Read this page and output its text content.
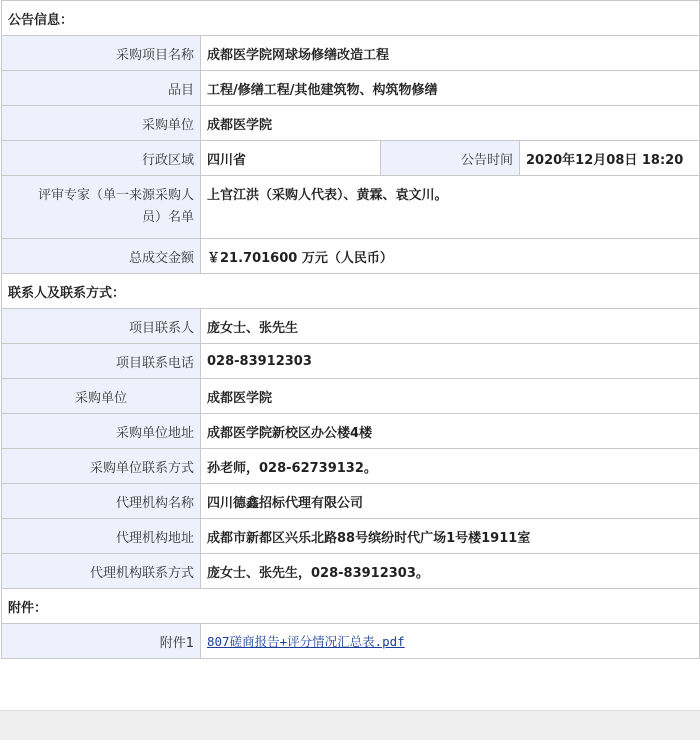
公告信息：			
采购项目名称	成都医学院网球场修缮改造工程		
品目	工程/修缮工程/其他建筑物、构筑物修缮		
采购单位	成都医学院		
行政区域	四川省	公告时间	2020年12月08日 18:20
评审专家（单一来源采购人员）名单	上官江洪（采购人代表）、黄霖、袁文川。		
总成交金额	￥21.701600 万元（人民币）		
联系人及联系方式：			
项目联系人	庞女士、张先生		
项目联系电话	028-83912303		
采购单位	成都医学院		
采购单位地址	成都医学院新校区办公楼4楼		
采购单位联系方式	孙老师，028-62739132。		
代理机构名称	四川德鑫招标代理有限公司		
代理机构地址	成都市新都区兴乐北路88号缤纷时代广场1号楼1911室		
代理机构联系方式	庞女士、张先生，028-83912303。		
附件：			
附件1	807磋商报告+评分情况汇总表.pdf		
